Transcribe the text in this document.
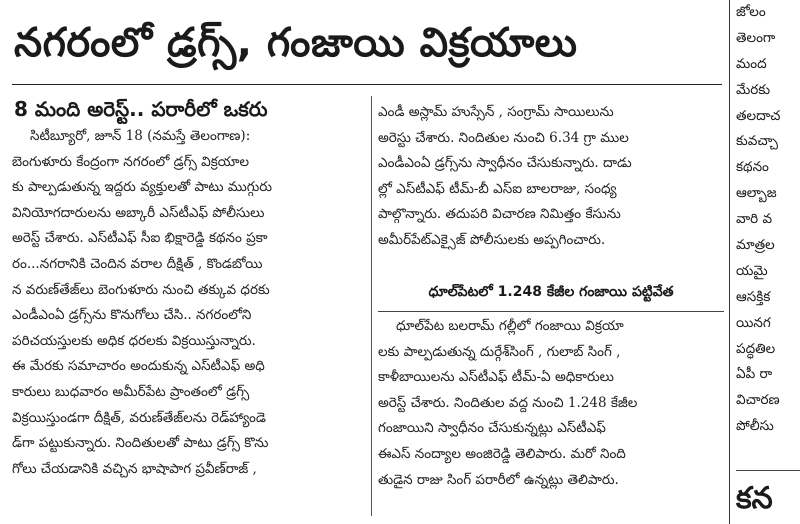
నగరంలో డ్రగ్స్‌, గంజాయి విక్రయాలు
8 మంది అరెస్ట్‌.. పరారీలో ఒకరు
సిటీబ్యూరో, జూన్ 18 (నమస్తే తెలంగాణ):
బెంగుళూరు కేంద్రంగా నగరంలో డ్రగ్స్ విక్రయాల
కు పాల్పడుతున్న ఇద్దరు వ్యక్తులతో పాటు ముగ్గురు
వినియోగదారులను అబ్కారీ ఎస్‌టీఎఫ్ పోలీసులు
అరెస్ట్ చేశారు. ఎస్‌టీఎఫ్ సీఐ భిక్షారెడ్డి కథనం ప్రకా
రం...నగరానికి చెందిన వరాల దీక్షిత్ , కొండబోయి
న వరుణ్‌తేజ్‌లు బెంగుళూరు నుంచి తక్కువ ధరకు
ఎండీఎంఏ డ్రగ్స్‌ను కొనుగోలు చేసి.. నగరంలోని
పరిచయస్తులకు అధిక ధరలకు విక్రయిస్తున్నారు.
ఈ మేరకు సమాచారం అందుకున్న ఎస్‌టీఎఫ్ అధి
కారులు బుధవారం అమీర్‌పేట ప్రాంతంలో డ్రగ్స్
విక్రయిస్తుండగా దీక్షిత్, వరుణ్‌తేజ్‌లను రెడ్‌హ్యాండె
డ్‌గా పట్టుకున్నారు. నిందితులతో పాటు డ్రగ్స్ కొను
గోలు చేయడానికి వచ్చిన భాషాపాగ ప్రవీణ్‌రాజ్ ,
ఎండీ అస్లామ్ హుస్సేన్ , సంగ్రామ్ సాయిలును
అరెస్టు చేశారు. నిందితుల నుంచి 6.34 గ్రా ముల
ఎండీఎంఏ డ్రగ్స్‌ను స్వాధీనం చేసుకున్నారు. దాడు
ల్లో ఎస్‌టీఎఫ్ టీమ్-బీ ఎస్ఐ బాలరాజు, సంధ్య
పాల్గొన్నారు. తదుపరి విచారణ నిమిత్తం కేసును
అమీర్‌పేట్‌ఎక్సైజ్ పోలీసులకు అప్పగించారు.
ధూల్‌పేటలో 1.248 కేజీల గంజాయి పట్టివేత
ధూల్‌పేట బలరామ్ గల్లీలో గంజాయి విక్రయా
లకు పాల్పడుతున్న దుర్గేశ్‌సింగ్ , గులాబ్ సింగ్ ,
కాళీబాయిలను ఎస్‌టీఎఫ్ టీమ్-ఏ అధికారులు
అరెస్ట్ చేశారు. నిందితుల వద్ద నుంచి 1.248 కేజీల
గంజాయిని స్వాధీనం చేసుకున్నట్లు ఎస్‌టీఎఫ్
ఈఎస్ నంద్యాల అంజిరెడ్డి తెలిపారు. మరో నింది
తుడైన రాజు సింగ్ పరారీలో ఉన్నట్లు తెలిపారు.
జోలం
తెలంగా
మంద
మేరకు
తలదాచ
కువచ్చా
కథనం
ఆల్బాజ
వారి వ
మాత్రల
యమై
ఆసక్తిక
యినగ
పద్ధతిల
ఏపీ రా
విచారణ
పోలీసు
కన
